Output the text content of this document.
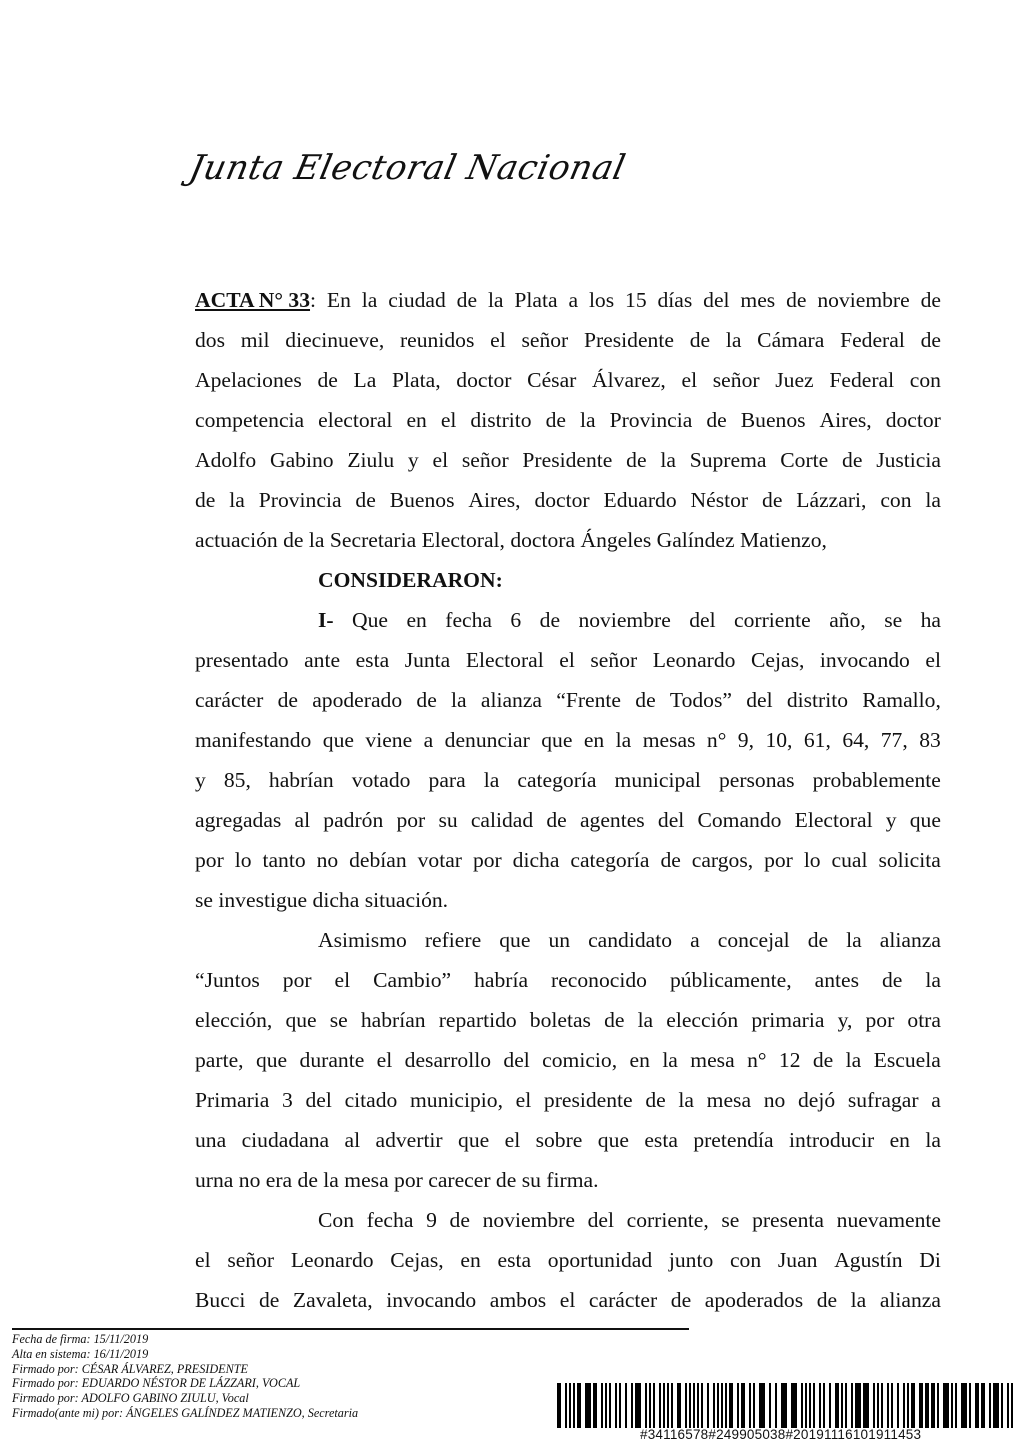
Junta Electoral Nacional
ACTA N° 33: En la ciudad de la Plata a los 15 días del mes de noviembre de
dos mil diecinueve, reunidos el señor Presidente de la Cámara Federal de
Apelaciones de La Plata, doctor César Álvarez, el señor Juez Federal con
competencia electoral en el distrito de la Provincia de Buenos Aires, doctor
Adolfo Gabino Ziulu y el señor Presidente de la Suprema Corte de Justicia
de la Provincia de Buenos Aires, doctor Eduardo Néstor de Lázzari, con la
actuación de la Secretaria Electoral, doctora Ángeles Galíndez Matienzo,
CONSIDERARON:
I- Que en fecha 6 de noviembre del corriente año, se ha
presentado ante esta Junta Electoral el señor Leonardo Cejas, invocando el
carácter de apoderado de la alianza “Frente de Todos” del distrito Ramallo,
manifestando que viene a denunciar que en la mesas n° 9, 10, 61, 64, 77, 83
y 85, habrían votado para la categoría municipal personas probablemente
agregadas al padrón por su calidad de agentes del Comando Electoral y que
por lo tanto no debían votar por dicha categoría de cargos, por lo cual solicita
se investigue dicha situación.
Asimismo refiere que un candidato a concejal de la alianza
“Juntos por el Cambio” habría reconocido públicamente, antes de la
elección, que se habrían repartido boletas de la elección primaria y, por otra
parte, que durante el desarrollo del comicio, en la mesa n° 12 de la Escuela
Primaria 3 del citado municipio, el presidente de la mesa no dejó sufragar a
una ciudadana al advertir que el sobre que esta pretendía introducir en la
urna no era de la mesa por carecer de su firma.
Con fecha 9 de noviembre del corriente, se presenta nuevamente
el señor Leonardo Cejas, en esta oportunidad junto con Juan Agustín Di
Bucci de Zavaleta, invocando ambos el carácter de apoderados de la alianza
Fecha de firma: 15/11/2019
Alta en sistema: 16/11/2019
Firmado por: CÉSAR ÁLVAREZ, PRESIDENTE
Firmado por: EDUARDO NÉSTOR DE LÁZZARI, VOCAL
Firmado por: ADOLFO GABINO ZIULU, Vocal
Firmado(ante mi) por: ÁNGELES GALÍNDEZ MATIENZO, Secretaria
#34116578#249905038#20191116101911453
